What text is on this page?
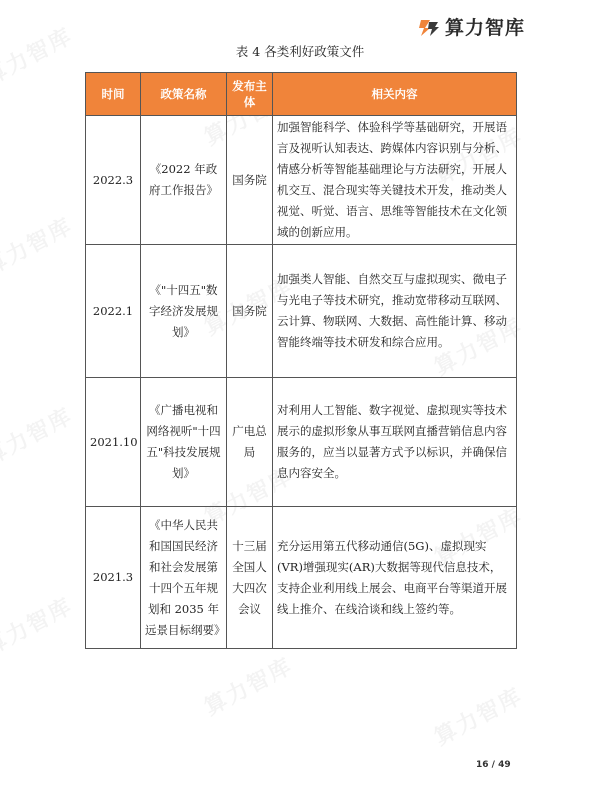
算力智库
表 4 各类利好政策文件
时间	政策名称	发布主体	相关内容
2022.3	《2022 年政府工作报告》	国务院	加强智能科学、体验科学等基础研究，开展语言及视听认知表达、跨媒体内容识别与分析、情感分析等智能基础理论与方法研究，开展人机交互、混合现实等关键技术开发，推动类人视觉、听觉、语言、思维等智能技术在文化领域的创新应用。
2022.1	《"十四五"数字经济发展规划》	国务院	加强类人智能、自然交互与虚拟现实、微电子与光电子等技术研究，推动宽带移动互联网、云计算、物联网、大数据、高性能计算、移动智能终端等技术研发和综合应用。
2021.10	《广播电视和网络视听"十四五"科技发展规划》	广电总局	对利用人工智能、数字视觉、虚拟现实等技术展示的虚拟形象从事互联网直播营销信息内容服务的，应当以显著方式予以标识，并确保信息内容安全。
2021.3	《中华人民共和国国民经济和社会发展第十四个五年规划和 2035 年远景目标纲要》	十三届全国人大四次会议	充分运用第五代移动通信(5G)、虚拟现实(VR)增强现实(AR)大数据等现代信息技术，支持企业利用线上展会、电商平台等渠道开展线上推介、在线洽谈和线上签约等。
16 / 49
